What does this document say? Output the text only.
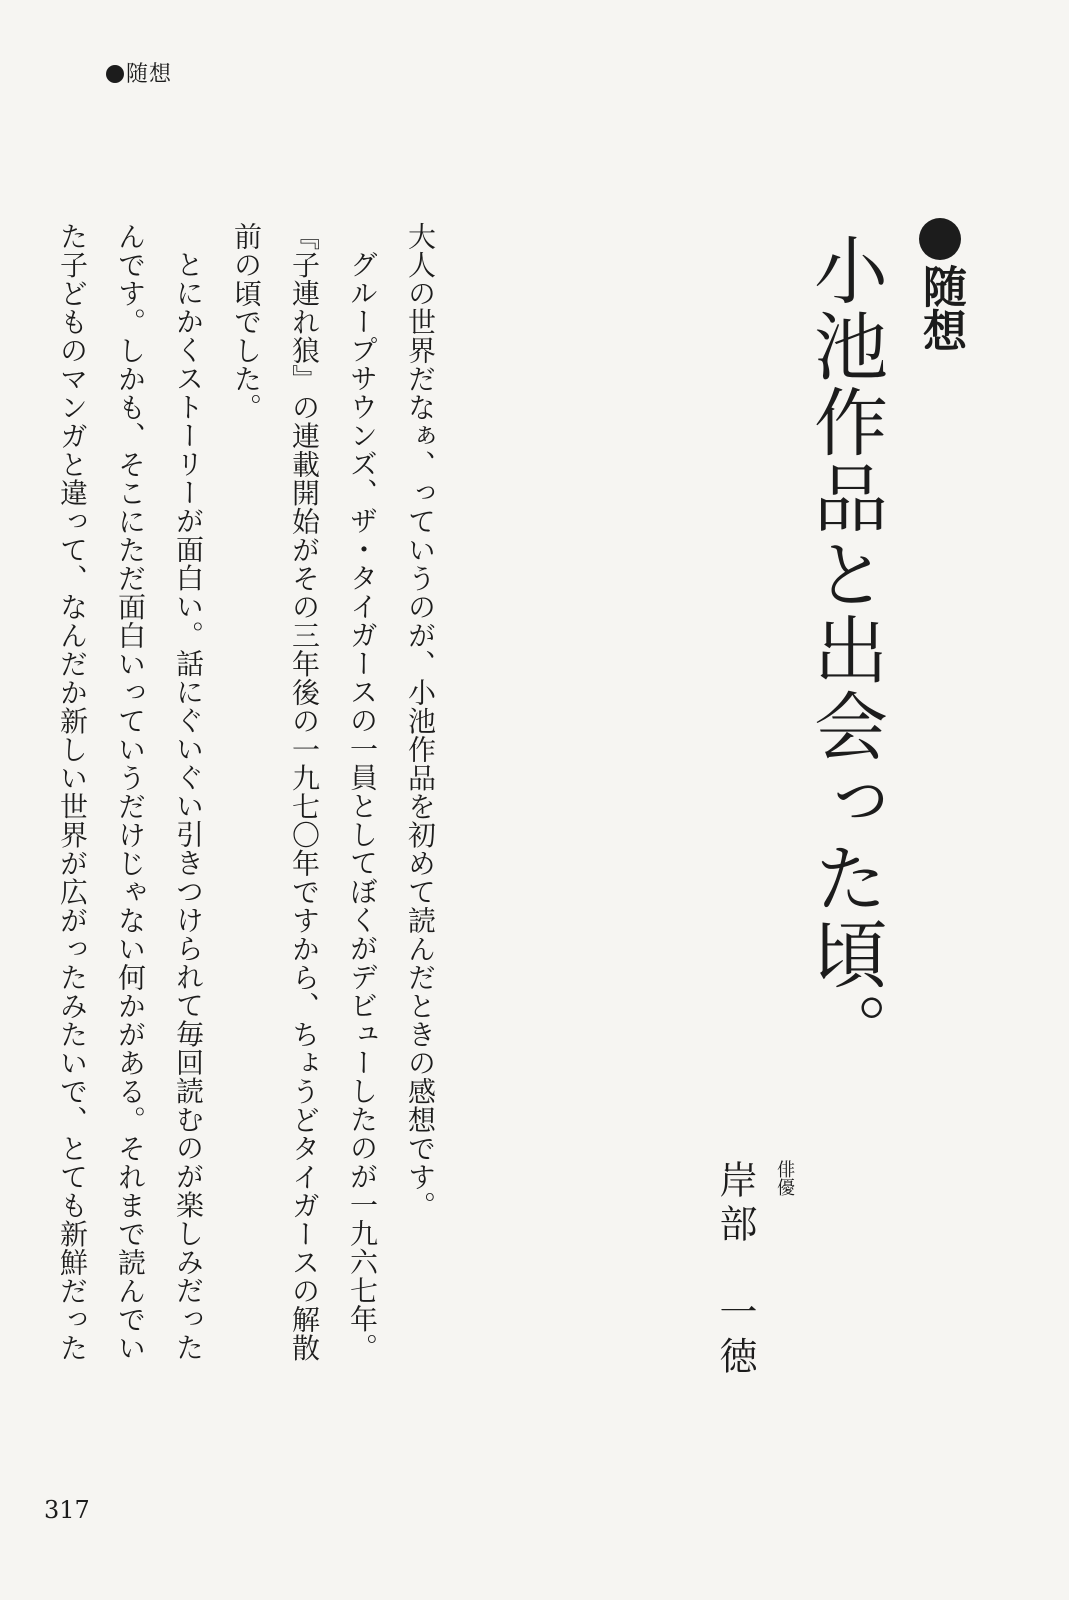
随想
随想
小池作品と出会った頃。
俳優
岸部　一徳

大人の世界だなぁ、っていうのが、小池作品を初めて読んだときの感想です。

グループサウンズ、ザ・タイガースの一員としてぼくがデビューしたのが一九六七年。『子連れ狼』の連載開始がその三年後の一九七〇年ですから、ちょうどタイガースの解散前の頃でした。

とにかくストーリーが面白い。話にぐいぐい引きつけられて毎回読むのが楽しみだったんです。しかも、そこにただ面白いっていうだけじゃない何かがある。それまで読んでいた子どものマンガと違って、なんだか新しい世界が広がったみたいで、とても新鮮だった

317
